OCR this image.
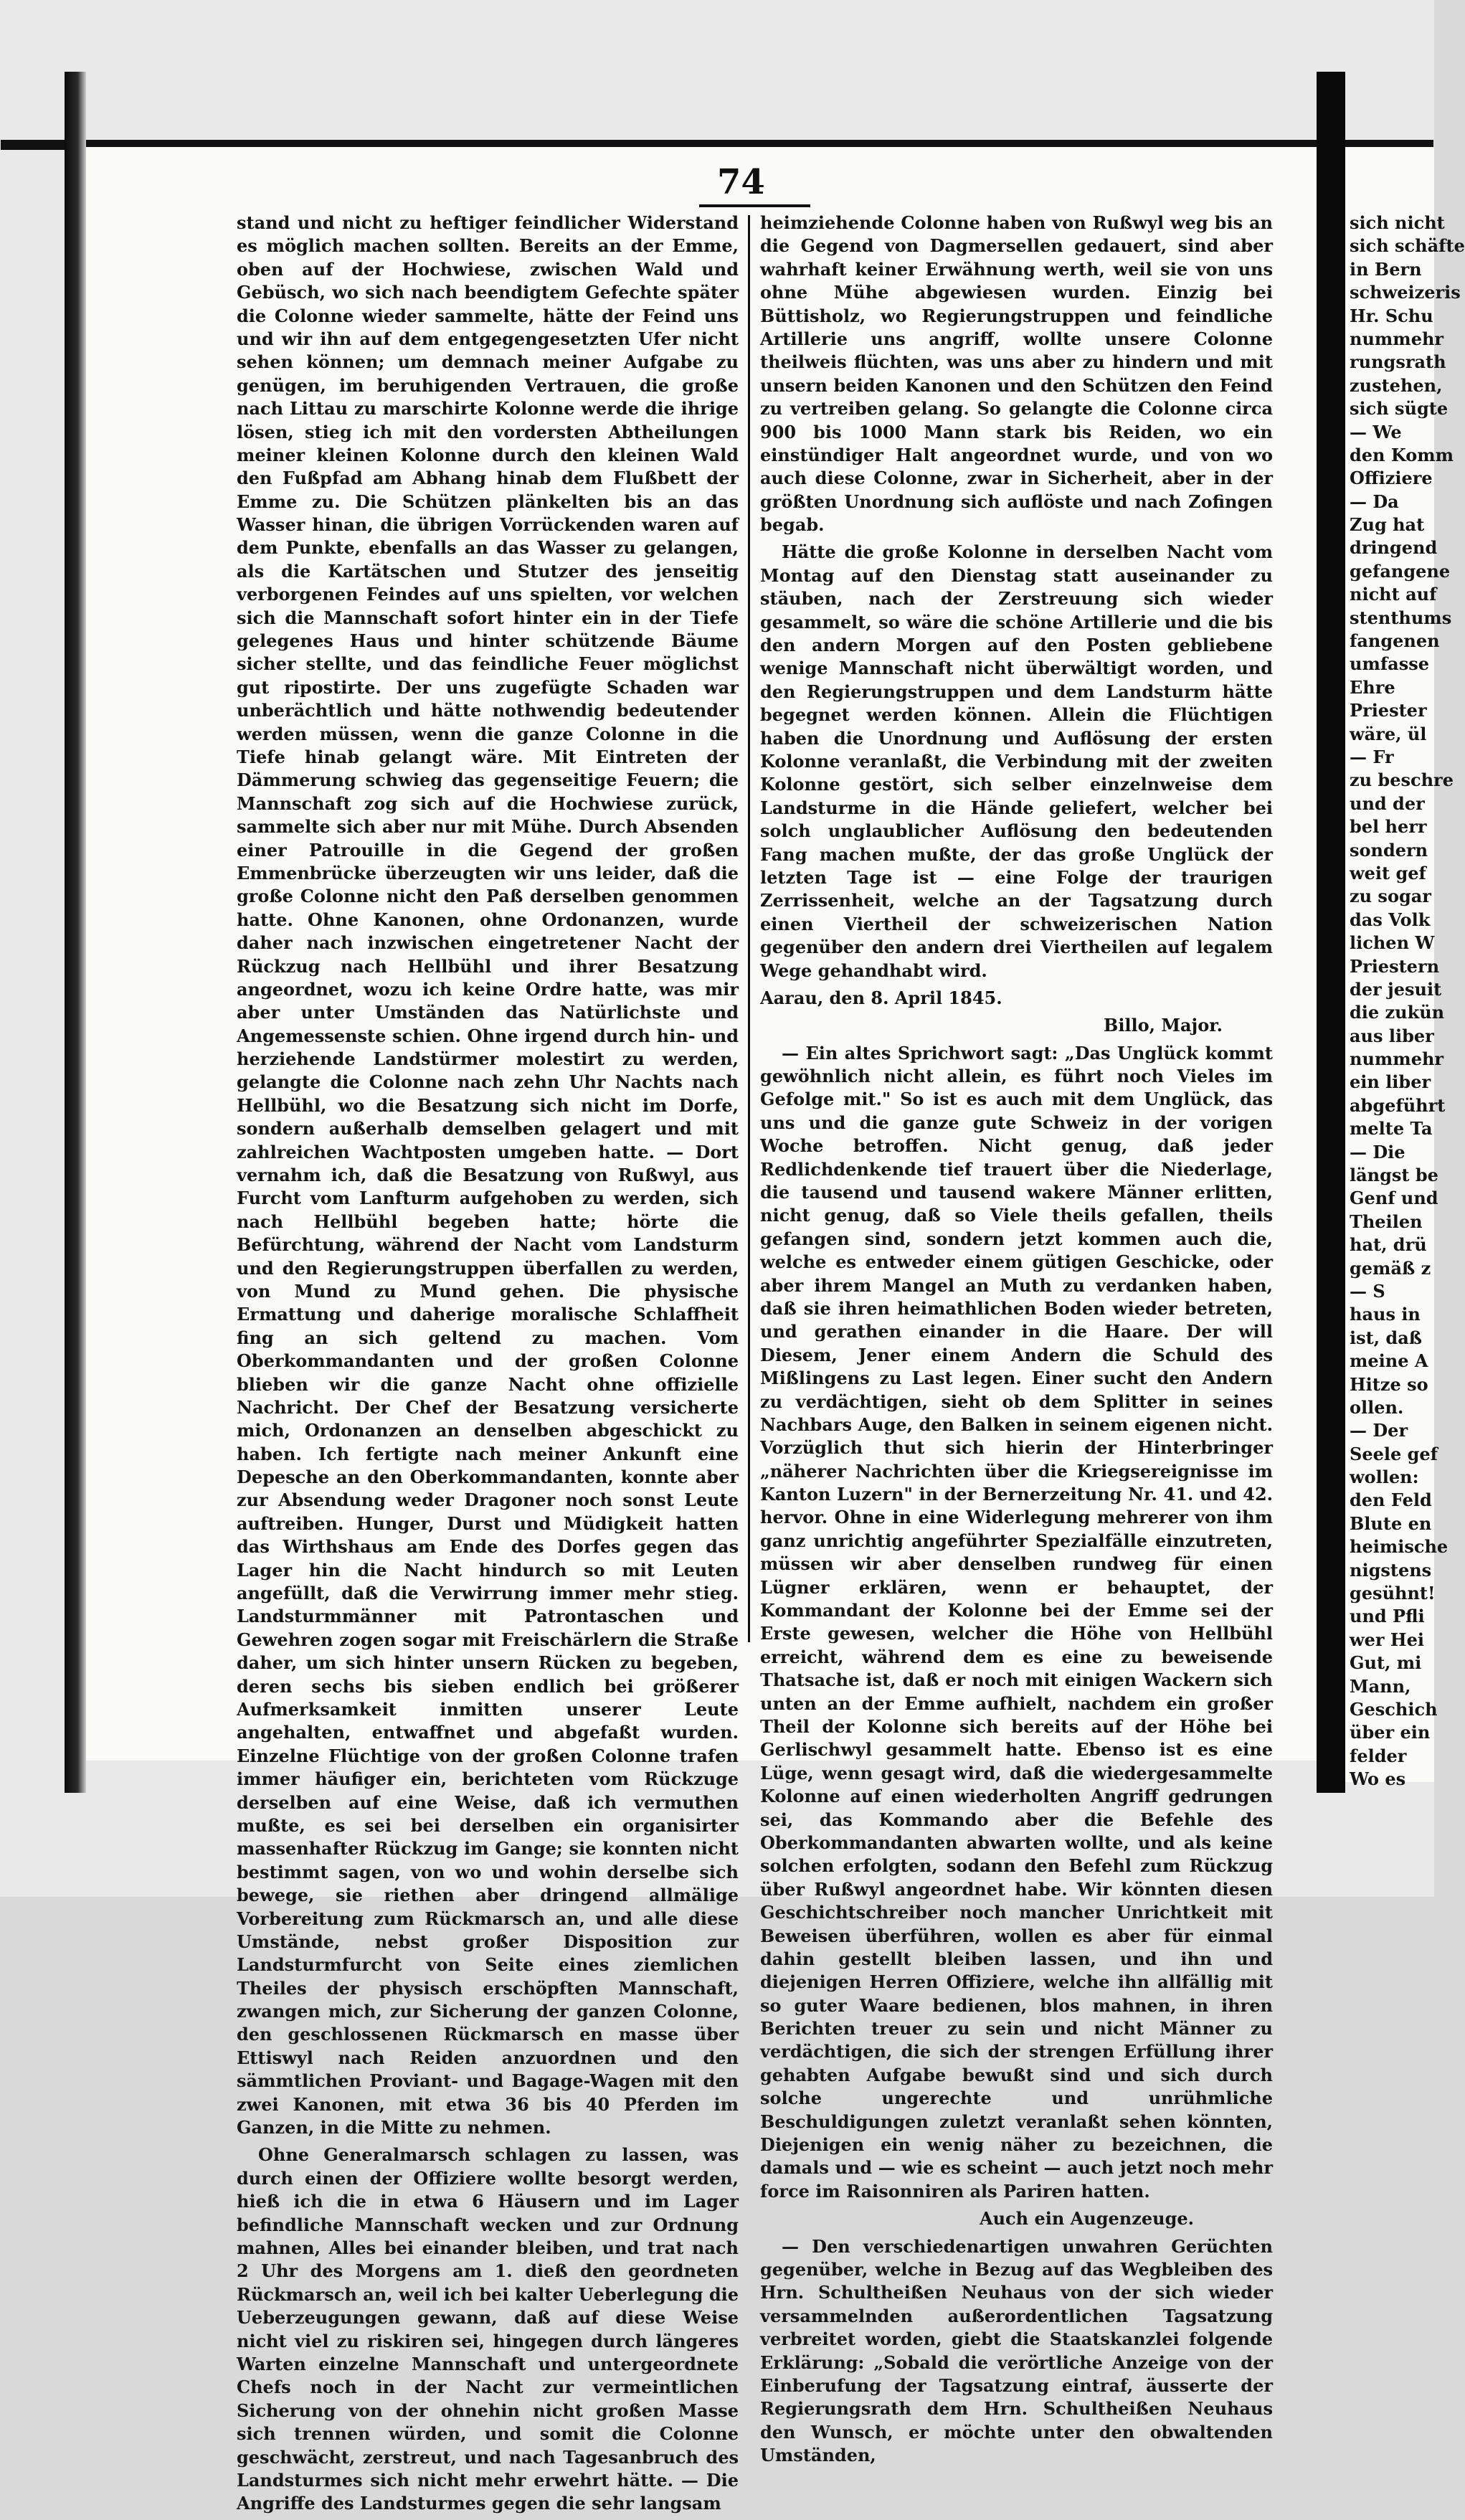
74

stand und nicht zu heftiger feindlicher Widerstand es möglich machen sollten. Bereits an der Emme, oben auf der Hochwiese, zwischen Wald und Gebüsch, wo sich nach beendigtem Gefechte später die Colonne wieder sammelte, hätte der Feind uns und wir ihn auf dem entgegengesetzten Ufer nicht sehen können; um demnach meiner Aufgabe zu genügen, im beruhigenden Vertrauen, die große nach Littau zu marschirte Kolonne werde die ihrige lösen, stieg ich mit den vordersten Abtheilungen meiner kleinen Kolonne durch den kleinen Wald den Fußpfad am Abhang hinab dem Flußbett der Emme zu. Die Schützen plänkelten bis an das Wasser hinan, die übrigen Vorrückenden waren auf dem Punkte, ebenfalls an das Wasser zu gelangen, als die Kartätschen und Stutzer des jenseitig verborgenen Feindes auf uns spielten, vor welchen sich die Mannschaft sofort hinter ein in der Tiefe gelegenes Haus und hinter schützende Bäume sicher stellte, und das feindliche Feuer möglichst gut ripostirte. Der uns zugefügte Schaden war unberächtlich und hätte nothwendig bedeutender werden müssen, wenn die ganze Colonne in die Tiefe hinab gelangt wäre. Mit Eintreten der Dämmerung schwieg das gegenseitige Feuern; die Mannschaft zog sich auf die Hochwiese zurück, sammelte sich aber nur mit Mühe. Durch Absenden einer Patrouille in die Gegend der großen Emmenbrücke überzeugten wir uns leider, daß die große Colonne nicht den Paß derselben genommen hatte. Ohne Kanonen, ohne Ordonanzen, wurde daher nach inzwischen eingetretener Nacht der Rückzug nach Hellbühl und ihrer Besatzung angeordnet, wozu ich keine Ordre hatte, was mir aber unter Umständen das Natürlichste und Angemessenste schien. Ohne irgend durch hin- und herziehende Landstürmer molestirt zu werden, gelangte die Colonne nach zehn Uhr Nachts nach Hellbühl, wo die Besatzung sich nicht im Dorfe, sondern außerhalb demselben gelagert und mit zahlreichen Wachtposten umgeben hatte. — Dort vernahm ich, daß die Besatzung von Rußwyl, aus Furcht vom Lanfturm aufgehoben zu werden, sich nach Hellbühl begeben hatte; hörte die Befürchtung, während der Nacht vom Landsturm und den Regierungstruppen überfallen zu werden, von Mund zu Mund gehen. Die physische Ermattung und daherige moralische Schlaffheit fing an sich geltend zu machen. Vom Oberkommandanten und der großen Colonne blieben wir die ganze Nacht ohne offizielle Nachricht. Der Chef der Besatzung versicherte mich, Ordonanzen an denselben abgeschickt zu haben. Ich fertigte nach meiner Ankunft eine Depesche an den Oberkommandanten, konnte aber zur Absendung weder Dragoner noch sonst Leute auftreiben. Hunger, Durst und Müdigkeit hatten das Wirthshaus am Ende des Dorfes gegen das Lager hin die Nacht hindurch so mit Leuten angefüllt, daß die Verwirrung immer mehr stieg. Landsturmmänner mit Patrontaschen und Gewehren zogen sogar mit Freischärlern die Straße daher, um sich hinter unsern Rücken zu begeben, deren sechs bis sieben endlich bei größerer Aufmerksamkeit inmitten unserer Leute angehalten, entwaffnet und abgefaßt wurden. Einzelne Flüchtige von der großen Colonne trafen immer häufiger ein, berichteten vom Rückzuge derselben auf eine Weise, daß ich vermuthen mußte, es sei bei derselben ein organisirter massenhafter Rückzug im Gange; sie konnten nicht bestimmt sagen, von wo und wohin derselbe sich bewege, sie riethen aber dringend allmälige Vorbereitung zum Rückmarsch an, und alle diese Umstände, nebst großer Disposition zur Landsturmfurcht von Seite eines ziemlichen Theiles der physisch erschöpften Mannschaft, zwangen mich, zur Sicherung der ganzen Colonne, den geschlossenen Rückmarsch en masse über Ettiswyl nach Reiden anzuordnen und den sämmtlichen Proviant- und Bagage-Wagen mit den zwei Kanonen, mit etwa 36 bis 40 Pferden im Ganzen, in die Mitte zu nehmen.

Ohne Generalmarsch schlagen zu lassen, was durch einen der Offiziere wollte besorgt werden, hieß ich die in etwa 6 Häusern und im Lager befindliche Mannschaft wecken und zur Ordnung mahnen, Alles bei einander bleiben, und trat nach 2 Uhr des Morgens am 1. dieß den geordneten Rückmarsch an, weil ich bei kalter Ueberlegung die Ueberzeugungen gewann, daß auf diese Weise nicht viel zu riskiren sei, hingegen durch längeres Warten einzelne Mannschaft und untergeordnete Chefs noch in der Nacht zur vermeintlichen Sicherung von der ohnehin nicht großen Masse sich trennen würden, und somit die Colonne geschwächt, zerstreut, und nach Tagesanbruch des Landsturmes sich nicht mehr erwehrt hätte. — Die Angriffe des Landsturmes gegen die sehr langsam

heimziehende Colonne haben von Rußwyl weg bis an die Gegend von Dagmersellen gedauert, sind aber wahrhaft keiner Erwähnung werth, weil sie von uns ohne Mühe abgewiesen wurden. Einzig bei Büttisholz, wo Regierungstruppen und feindliche Artillerie uns angriff, wollte unsere Colonne theilweis flüchten, was uns aber zu hindern und mit unsern beiden Kanonen und den Schützen den Feind zu vertreiben gelang. So gelangte die Colonne circa 900 bis 1000 Mann stark bis Reiden, wo ein einstündiger Halt angeordnet wurde, und von wo auch diese Colonne, zwar in Sicherheit, aber in der größten Unordnung sich auflöste und nach Zofingen begab.

Hätte die große Kolonne in derselben Nacht vom Montag auf den Dienstag statt auseinander zu stäuben, nach der Zerstreuung sich wieder gesammelt, so wäre die schöne Artillerie und die bis den andern Morgen auf den Posten gebliebene wenige Mannschaft nicht überwältigt worden, und den Regierungstruppen und dem Landsturm hätte begegnet werden können. Allein die Flüchtigen haben die Unordnung und Auflösung der ersten Kolonne veranlaßt, die Verbindung mit der zweiten Kolonne gestört, sich selber einzelnweise dem Landsturme in die Hände geliefert, welcher bei solch unglaublicher Auflösung den bedeutenden Fang machen mußte, der das große Unglück der letzten Tage ist — eine Folge der traurigen Zerrissenheit, welche an der Tagsatzung durch einen Viertheil der schweizerischen Nation gegenüber den andern drei Viertheilen auf legalem Wege gehandhabt wird.

Aarau, den 8. April 1845.

Billo, Major.

— Ein altes Sprichwort sagt: „Das Unglück kommt gewöhnlich nicht allein, es führt noch Vieles im Gefolge mit." So ist es auch mit dem Unglück, das uns und die ganze gute Schweiz in der vorigen Woche betroffen. Nicht genug, daß jeder Redlichdenkende tief trauert über die Niederlage, die tausend und tausend wakere Männer erlitten, nicht genug, daß so Viele theils gefallen, theils gefangen sind, sondern jetzt kommen auch die, welche es entweder einem gütigen Geschicke, oder aber ihrem Mangel an Muth zu verdanken haben, daß sie ihren heimathlichen Boden wieder betreten, und gerathen einander in die Haare. Der will Diesem, Jener einem Andern die Schuld des Mißlingens zu Last legen. Einer sucht den Andern zu verdächtigen, sieht ob dem Splitter in seines Nachbars Auge, den Balken in seinem eigenen nicht. Vorzüglich thut sich hierin der Hinterbringer „näherer Nachrichten über die Kriegsereignisse im Kanton Luzern" in der Bernerzeitung Nr. 41. und 42. hervor. Ohne in eine Widerlegung mehrerer von ihm ganz unrichtig angeführter Spezialfälle einzutreten, müssen wir aber denselben rundweg für einen Lügner erklären, wenn er behauptet, der Kommandant der Kolonne bei der Emme sei der Erste gewesen, welcher die Höhe von Hellbühl erreicht, während dem es eine zu beweisende Thatsache ist, daß er noch mit einigen Wackern sich unten an der Emme aufhielt, nachdem ein großer Theil der Kolonne sich bereits auf der Höhe bei Gerlischwyl gesammelt hatte. Ebenso ist es eine Lüge, wenn gesagt wird, daß die wiedergesammelte Kolonne auf einen wiederholten Angriff gedrungen sei, das Kommando aber die Befehle des Oberkommandanten abwarten wollte, und als keine solchen erfolgten, sodann den Befehl zum Rückzug über Rußwyl angeordnet habe. Wir könnten diesen Geschichtschreiber noch mancher Unrichtkeit mit Beweisen überführen, wollen es aber für einmal dahin gestellt bleiben lassen, und ihn und diejenigen Herren Offiziere, welche ihn allfällig mit so guter Waare bedienen, blos mahnen, in ihren Berichten treuer zu sein und nicht Männer zu verdächtigen, die sich der strengen Erfüllung ihrer gehabten Aufgabe bewußt sind und sich durch solche ungerechte und unrühmliche Beschuldigungen zuletzt veranlaßt sehen könnten, Diejenigen ein wenig näher zu bezeichnen, die damals und — wie es scheint — auch jetzt noch mehr force im Raisonniren als Pariren hatten.

Auch ein Augenzeuge.

— Den verschiedenartigen unwahren Gerüchten gegenüber, welche in Bezug auf das Wegbleiben des Hrn. Schultheißen Neuhaus von der sich wieder versammelnden außerordentlichen Tagsatzung verbreitet worden, giebt die Staatskanzlei folgende Erklärung: „Sobald die verörtliche Anzeige von der Einberufung der Tagsatzung eintraf, äusserte der Regierungsrath dem Hrn. Schultheißen Neuhaus den Wunsch, er möchte unter den obwaltenden Umständen,

sich nicht
sich schäfte
in Bern
schweizeris
Hr. Schu
nummehr
rungsrath
zustehen,
sich sügte
— We
den Komm
Offiziere
— Da
Zug hat
dringend
gefangene
nicht auf
stenthums
fangenen
umfasse
Ehre
Priester
wäre, ül
— Fr
zu beschre
und der
bel herr
sondern
weit gef
zu sogar
das Volk
lichen W
Priestern
der jesuit
die zukün
aus liber
nummehr
ein liber
abgeführt
melte Ta
— Die
längst be
Genf und
Theilen
hat, drü
gemäß z
— S
haus in
ist, daß
meine A
Hitze so
ollen.
— Der
Seele gef
wollen:
den Feld
Blute en
heimische
nigstens
gesühnt!
und Pfli
wer Hei
Gut, mi
Mann,
Geschich
über ein
felder
Wo es
